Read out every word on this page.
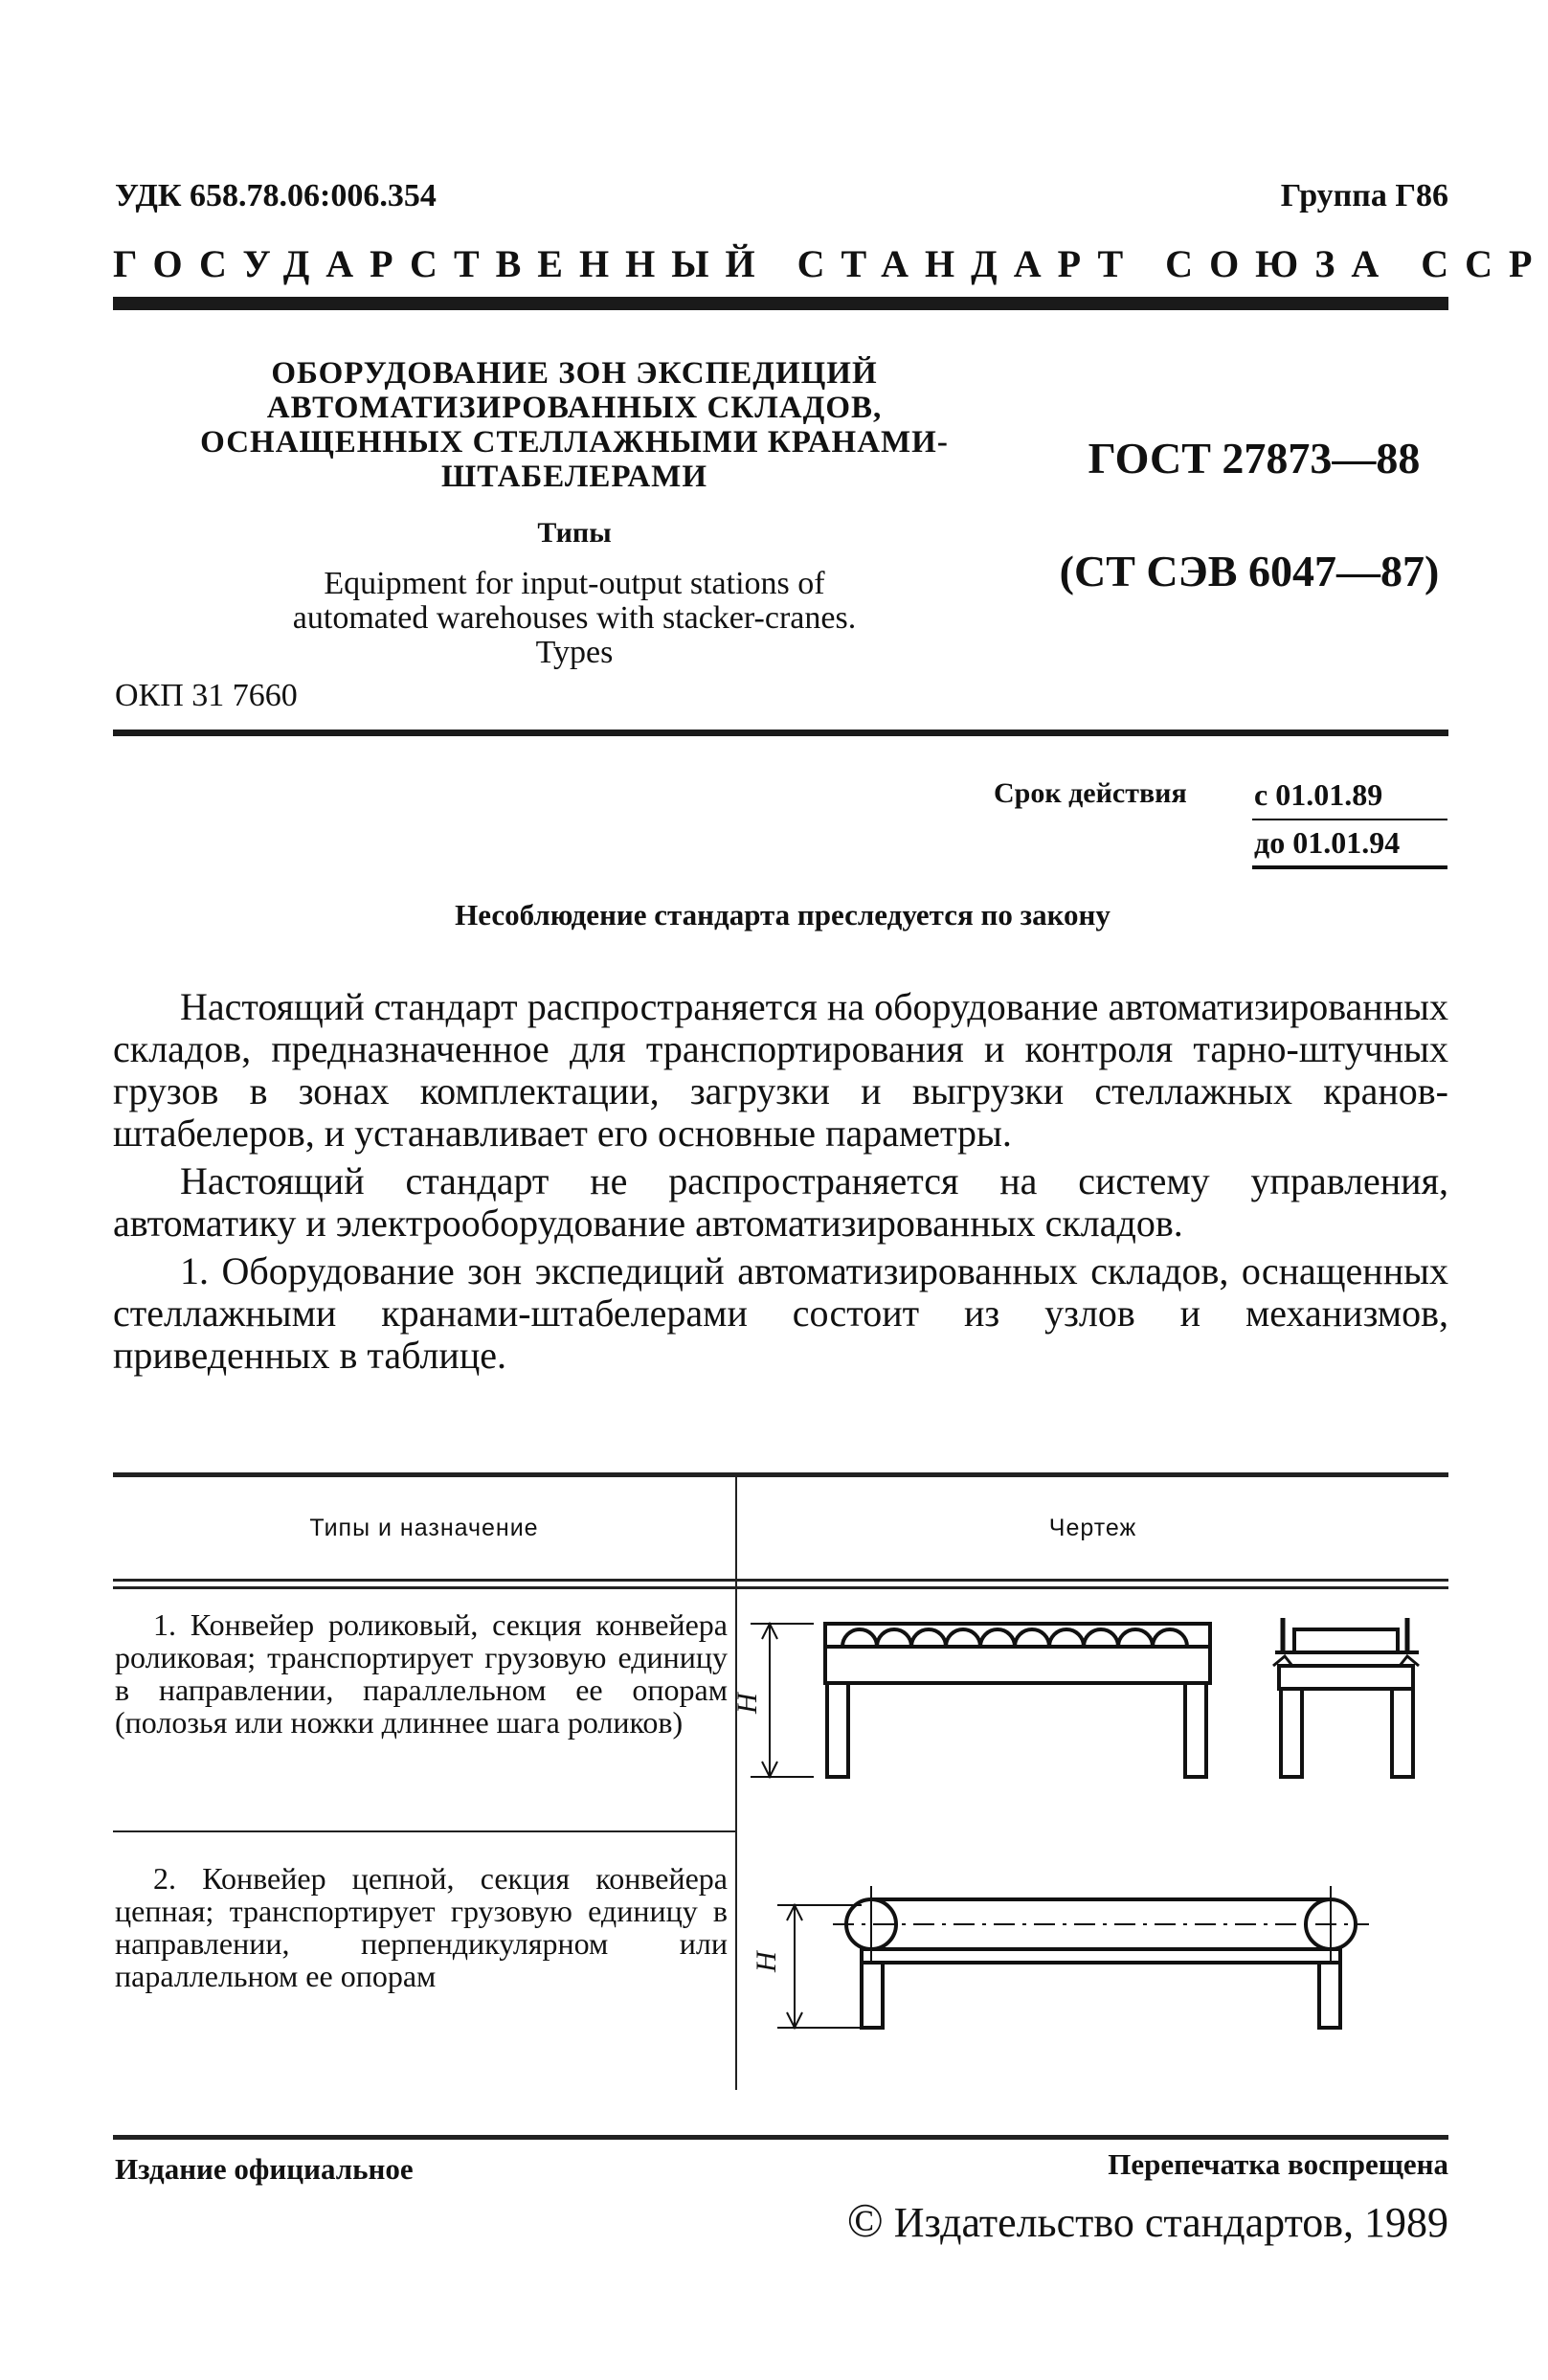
УДК 658.78.06:006.354	Группа Г86
ГОСУДАРСТВЕННЫЙ СТАНДАРТ СОЮЗА ССР
ОБОРУДОВАНИЕ ЗОН ЭКСПЕДИЦИЙ
АВТОМАТИЗИРОВАННЫХ СКЛАДОВ,
ОСНАЩЕННЫХ СТЕЛЛАЖНЫМИ КРАНАМИ-
ШТАБЕЛЕРАМИ
Типы
Equipment for input-output stations of
automated warehouses with stacker-cranes.
Types
ГОСТ 27873—88
(СТ СЭВ 6047—87)
ОКП 31 7660
Срок действия с 01.01.89
до 01.01.94
Несоблюдение стандарта преследуется по закону

Настоящий стандарт распространяется на оборудование автоматизированных складов, предназначенное для транспортирования и контроля тарно-штучных грузов в зонах комплектации, загрузки и выгрузки стеллажных кранов-штабелеров, и устанавливает его основные параметры.

Настоящий стандарт не распространяется на систему управления, автоматику и электрооборудование автоматизированных складов.

1. Оборудование зон экспедиций автоматизированных складов, оснащенных стеллажными кранами-штабелерами состоит из узлов и механизмов, приведенных в таблице.

Типы и назначение	Чертеж

1. Конвейер роликовый, секция конвейера роликовая; транспортирует грузовую единицу в направлении, параллельном ее опорам (полозья или ножки длиннее шага роликов)

2. Конвейер цепной, секция конвейера цепная; транспортирует грузовую единицу в направлении, перпендикулярном или параллельном ее опорам

H
H
Издание официальное	Перепечатка воспрещена
© Издательство стандартов, 1989
